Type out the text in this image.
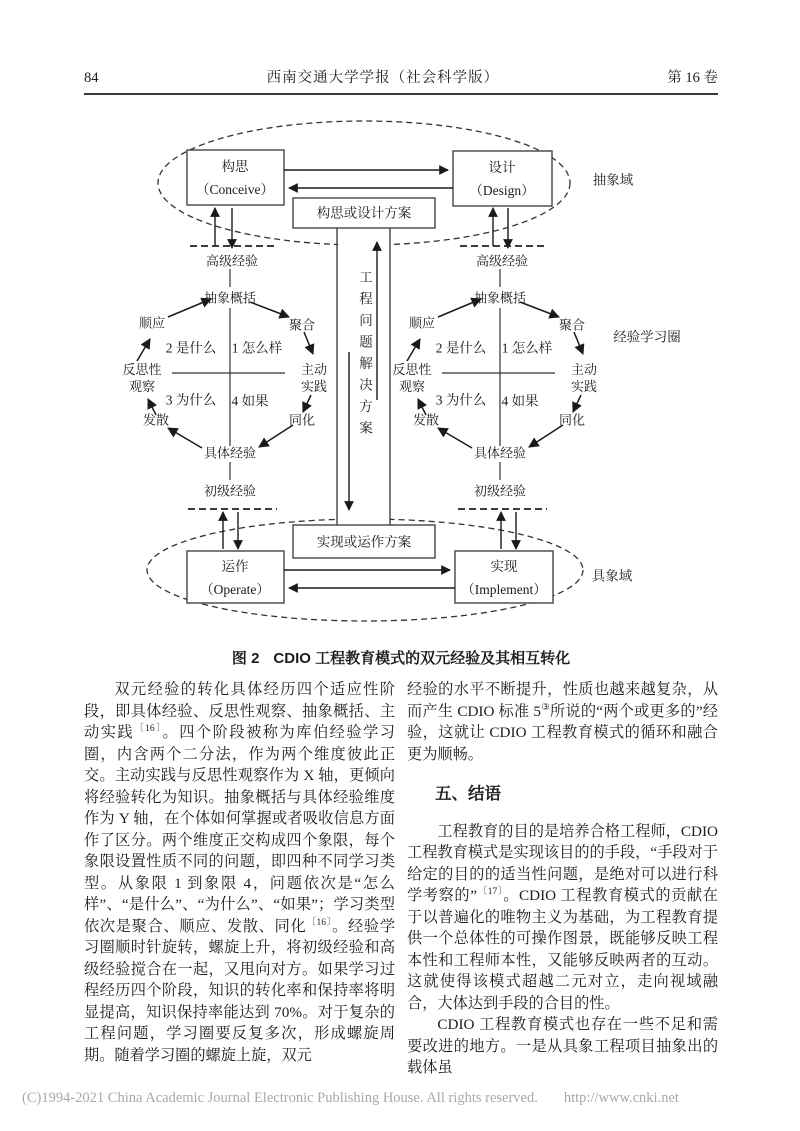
84	西南交通大学学报（社会科学版）	第 16 卷
构思
（Conceive）
设计
（Design）
运作
（Operate）
实现
（Implement）
构思或设计方案
实现或运作方案
抽象域
经验学习圈
具象域
工程问题解决方案
高级经验
抽象概括
顺应	聚合
反思性
观察
主动
实践
2 是什么 1 怎么样
3 为什么 4 如果
发散	同化
具体经验
初级经验
高级经验
抽象概括
顺应	聚合
反思性
观察
主动
实践
2 是什么 1 怎么样
3 为什么 4 如果
发散	同化
具体经验
初级经验
图 2 CDIO 工程教育模式的双元经验及其相互转化

双元经验的转化具体经历四个适应性阶段，即具体经验、反思性观察、抽象概括、主动实践$^{〔16〕}$。四个阶段被称为库伯经验学习圈，内含两个二分法，作为两个维度彼此正交。主动实践与反思性观察作为 X 轴，更倾向将经验转化为知识。抽象概括与具体经验维度作为 Y 轴，在个体如何掌握或者吸收信息方面作了区分。两个维度正交构成四个象限，每个象限设置性质不同的问题，即四种不同学习类型。从象限 1 到象限 4，问题依次是“怎么样”、“是什么”、“为什么”、“如果”；学习类型依次是聚合、顺应、发散、同化$^{〔16〕}$。经验学习圈顺时针旋转，螺旋上升，将初级经验和高级经验搅合在一起，又甩向对方。如果学习过程经历四个阶段，知识的转化率和保持率将明显提高，知识保持率能达到 70%。对于复杂的工程问题，学习圈要反复多次，形成螺旋周期。随着学习圈的螺旋上旋，双元

经验的水平不断提升，性质也越来越复杂，从而产生 CDIO 标准 5③所说的“两个或更多的”经验，这就让 CDIO 工程教育模式的循环和融合更为顺畅。

五、结语

工程教育的目的是培养合格工程师，CDIO 工程教育模式是实现该目的的手段，“手段对于给定的目的的适当性问题，是绝对可以进行科学考察的”$^{〔17〕}$。CDIO 工程教育模式的贡献在于以普遍化的唯物主义为基础，为工程教育提供一个总体性的可操作图景，既能够反映工程本性和工程师本性，又能够反映两者的互动。这就使得该模式超越二元对立，走向视域融合，大体达到手段的合目的性。

CDIO 工程教育模式也存在一些不足和需要改进的地方。一是从具象工程项目抽象出的载体虽

(C)1994-2021 China Academic Journal Electronic Publishing House. All rights reserved. http://www.cnki.net
